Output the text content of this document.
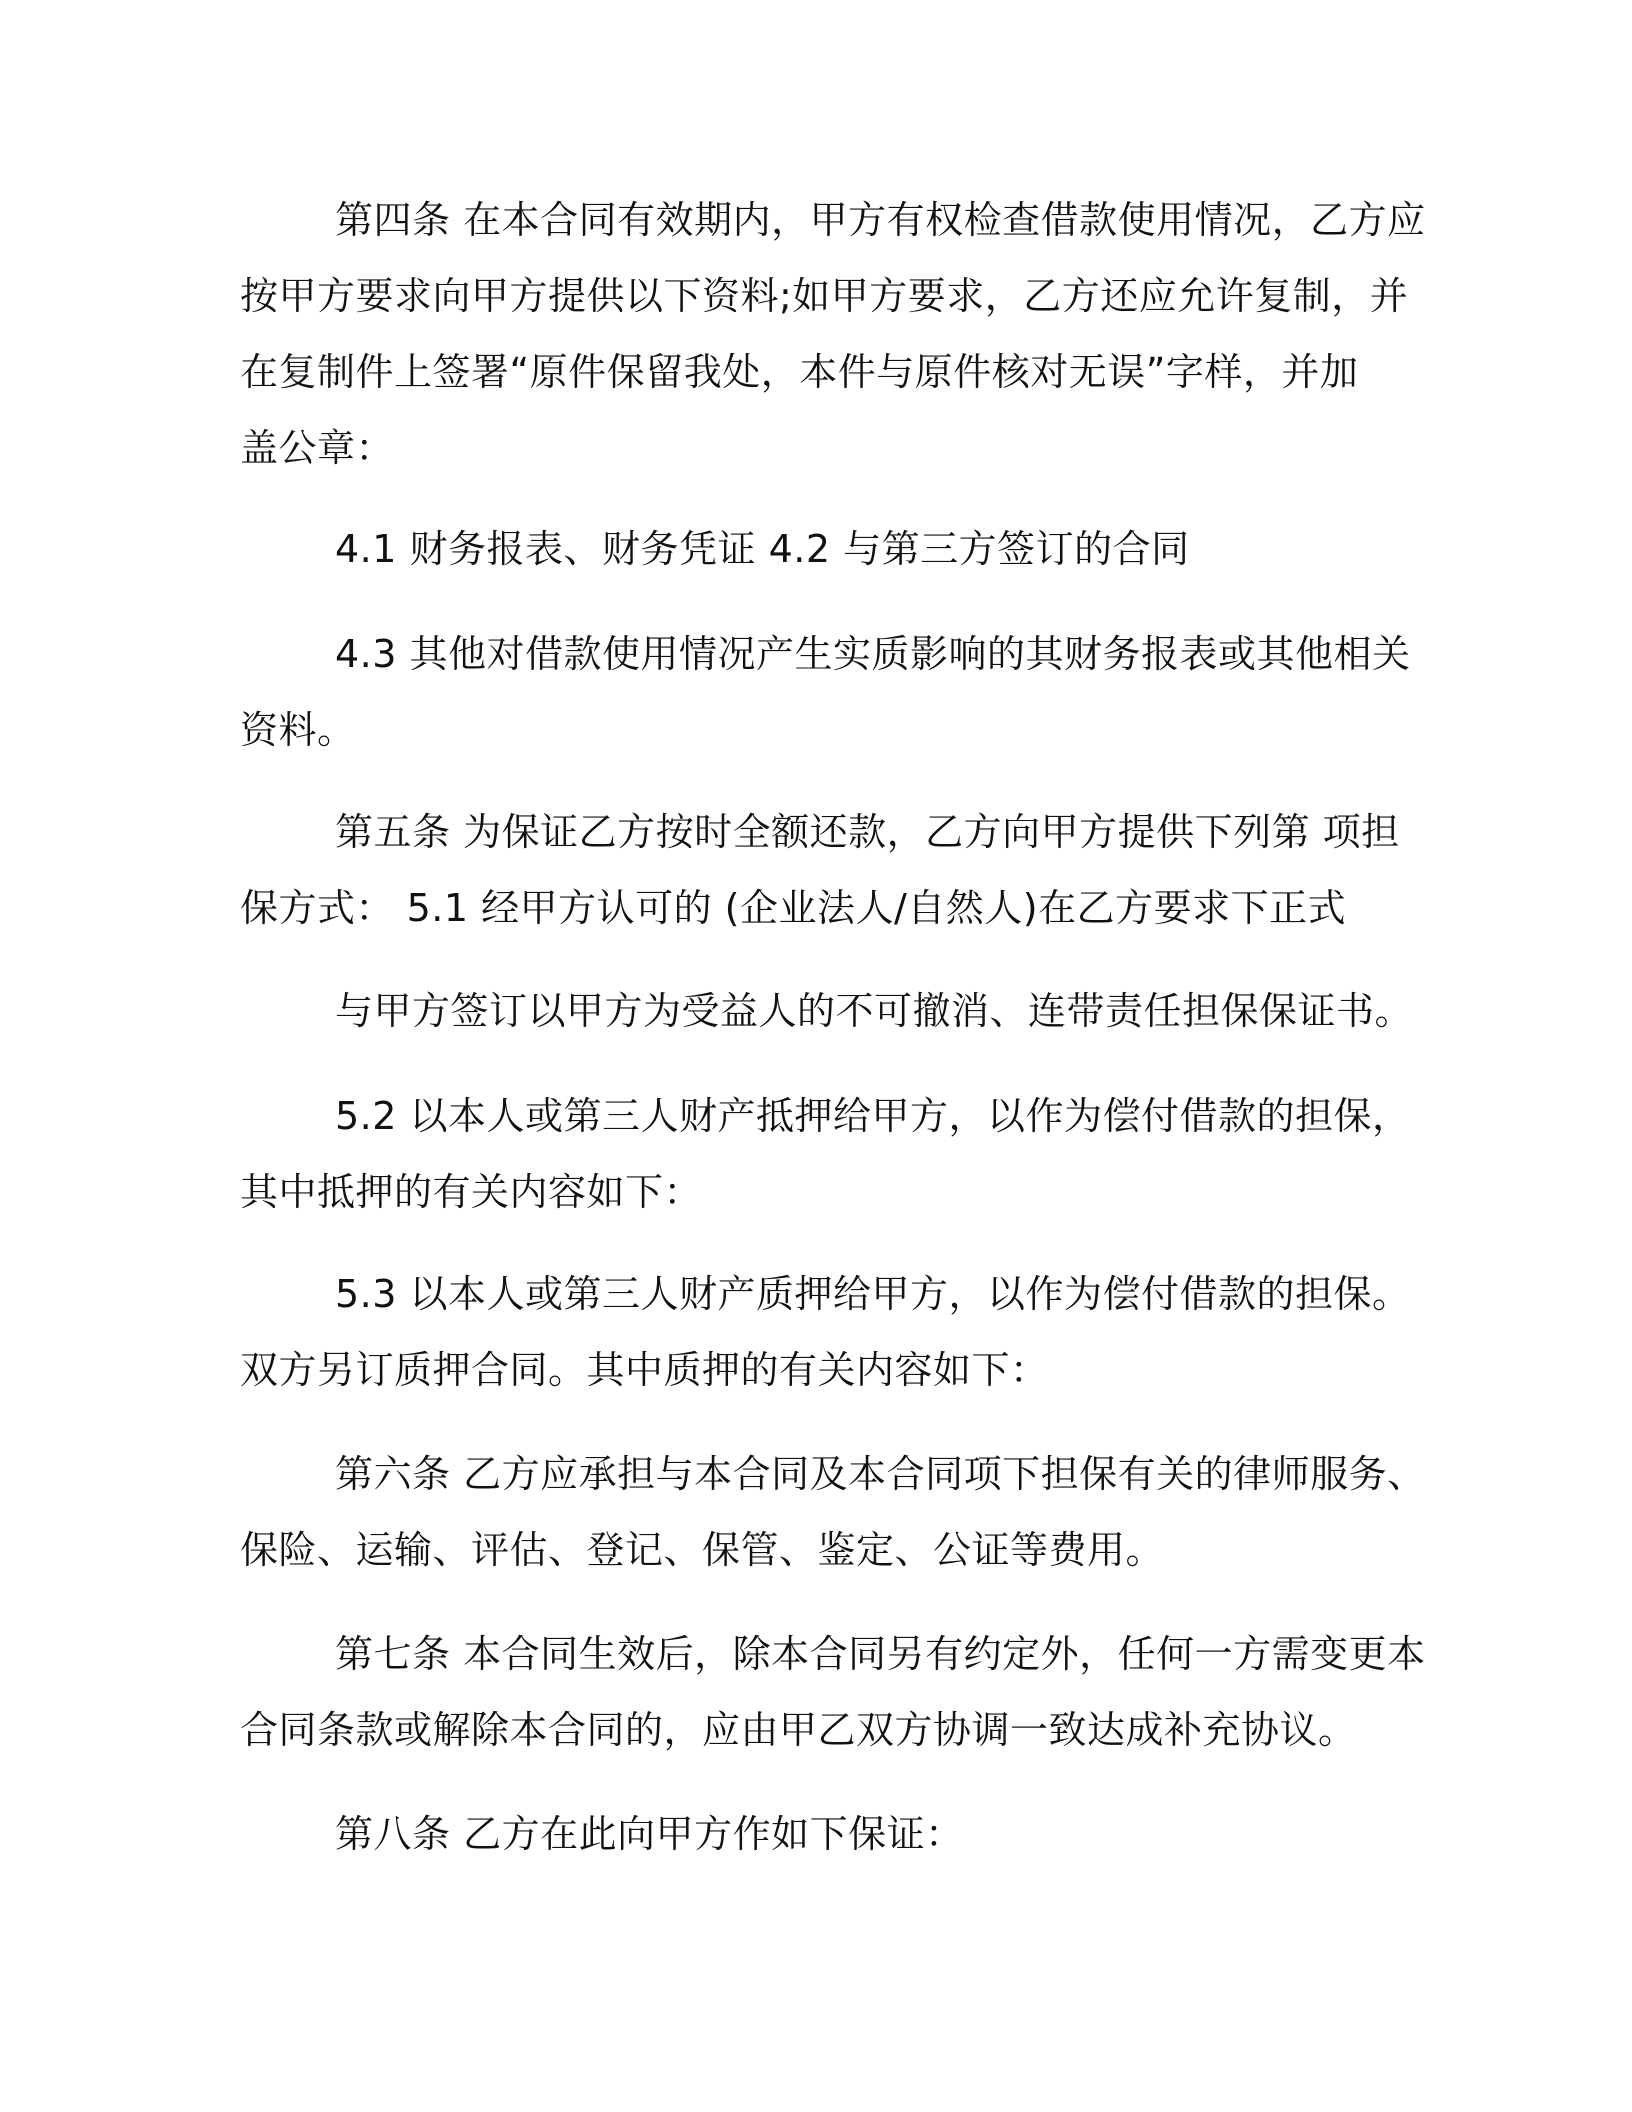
第四条 在本合同有效期内，甲方有权检查借款使用情况，乙方应
按甲方要求向甲方提供以下资料;如甲方要求，乙方还应允许复制，并
在复制件上签署“原件保留我处，本件与原件核对无误”字样，并加
盖公章：
4.1 财务报表、财务凭证 4.2 与第三方签订的合同
4.3 其他对借款使用情况产生实质影响的其财务报表或其他相关
资料。
第五条 为保证乙方按时全额还款，乙方向甲方提供下列第 项担
保方式： 5.1 经甲方认可的 (企业法人/自然人)在乙方要求下正式
与甲方签订以甲方为受益人的不可撤消、连带责任担保保证书。
5.2 以本人或第三人财产抵押给甲方，以作为偿付借款的担保，
其中抵押的有关内容如下：
5.3 以本人或第三人财产质押给甲方，以作为偿付借款的担保。
双方另订质押合同。其中质押的有关内容如下：
第六条 乙方应承担与本合同及本合同项下担保有关的律师服务、
保险、运输、评估、登记、保管、鉴定、公证等费用。
第七条 本合同生效后，除本合同另有约定外，任何一方需变更本
合同条款或解除本合同的，应由甲乙双方协调一致达成补充协议。
第八条 乙方在此向甲方作如下保证：
